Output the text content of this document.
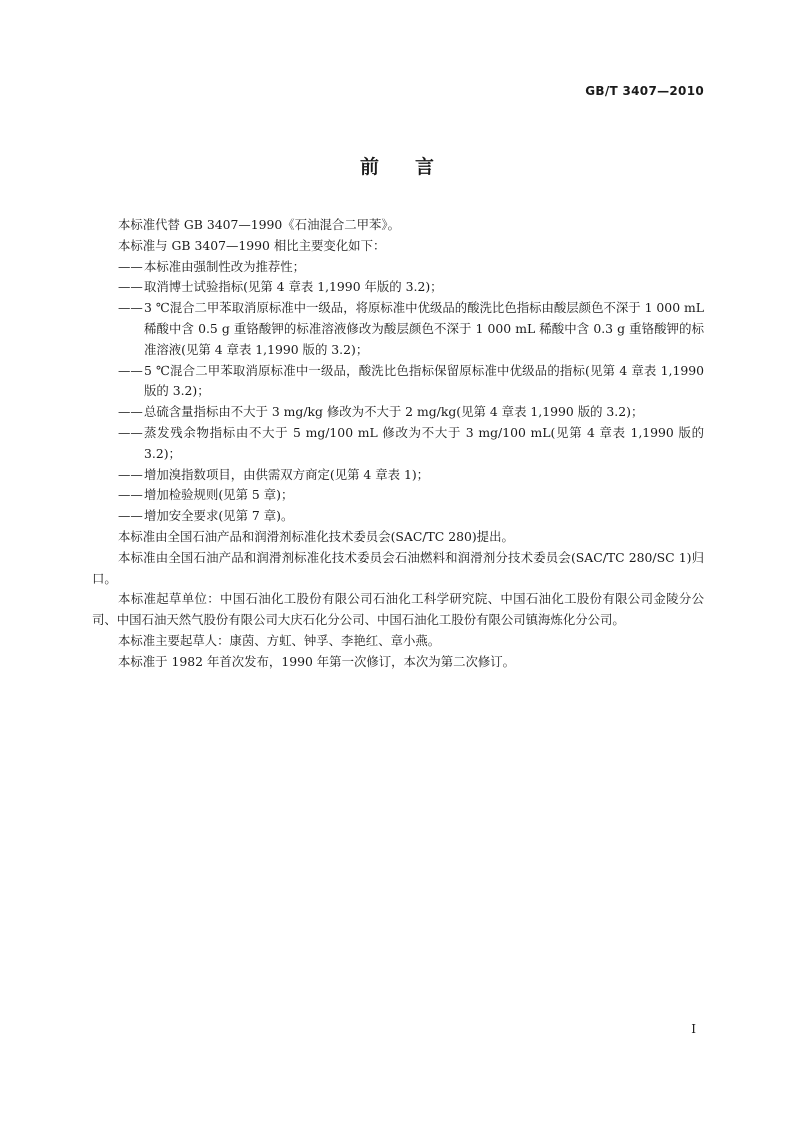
GB/T 3407—2010
前 言

本标准代替 GB 3407—1990《石油混合二甲苯》。

本标准与 GB 3407—1990 相比主要变化如下：

—— 本标准由强制性改为推荐性；
—— 取消博士试验指标(见第 4 章表 1,1990 年版的 3.2)；
—— 3 ℃混合二甲苯取消原标准中一级品，将原标准中优级品的酸洗比色指标由酸层颜色不深于 1 000 mL 稀酸中含 0.5 g 重铬酸钾的标准溶液修改为酸层颜色不深于 1 000 mL 稀酸中含 0.3 g 重铬酸钾的标准溶液(见第 4 章表 1,1990 版的 3.2)；
—— 5 ℃混合二甲苯取消原标准中一级品，酸洗比色指标保留原标准中优级品的指标(见第 4 章表 1,1990 版的 3.2)；
—— 总硫含量指标由不大于 3 mg/kg 修改为不大于 2 mg/kg(见第 4 章表 1,1990 版的 3.2)；
—— 蒸发残余物指标由不大于 5 mg/100 mL 修改为不大于 3 mg/100 mL(见第 4 章表 1,1990 版的 3.2)；
—— 增加溴指数项目，由供需双方商定(见第 4 章表 1)；
—— 增加检验规则(见第 5 章)；
—— 增加安全要求(见第 7 章)。

本标准由全国石油产品和润滑剂标准化技术委员会(SAC/TC 280)提出。

本标准由全国石油产品和润滑剂标准化技术委员会石油燃料和润滑剂分技术委员会(SAC/TC 280/SC 1)归口。

本标准起草单位：中国石油化工股份有限公司石油化工科学研究院、中国石油化工股份有限公司金陵分公司、中国石油天然气股份有限公司大庆石化分公司、中国石油化工股份有限公司镇海炼化分公司。

本标准主要起草人：康茵、方虹、钟孚、李艳红、章小燕。

本标准于 1982 年首次发布，1990 年第一次修订，本次为第二次修订。

I
